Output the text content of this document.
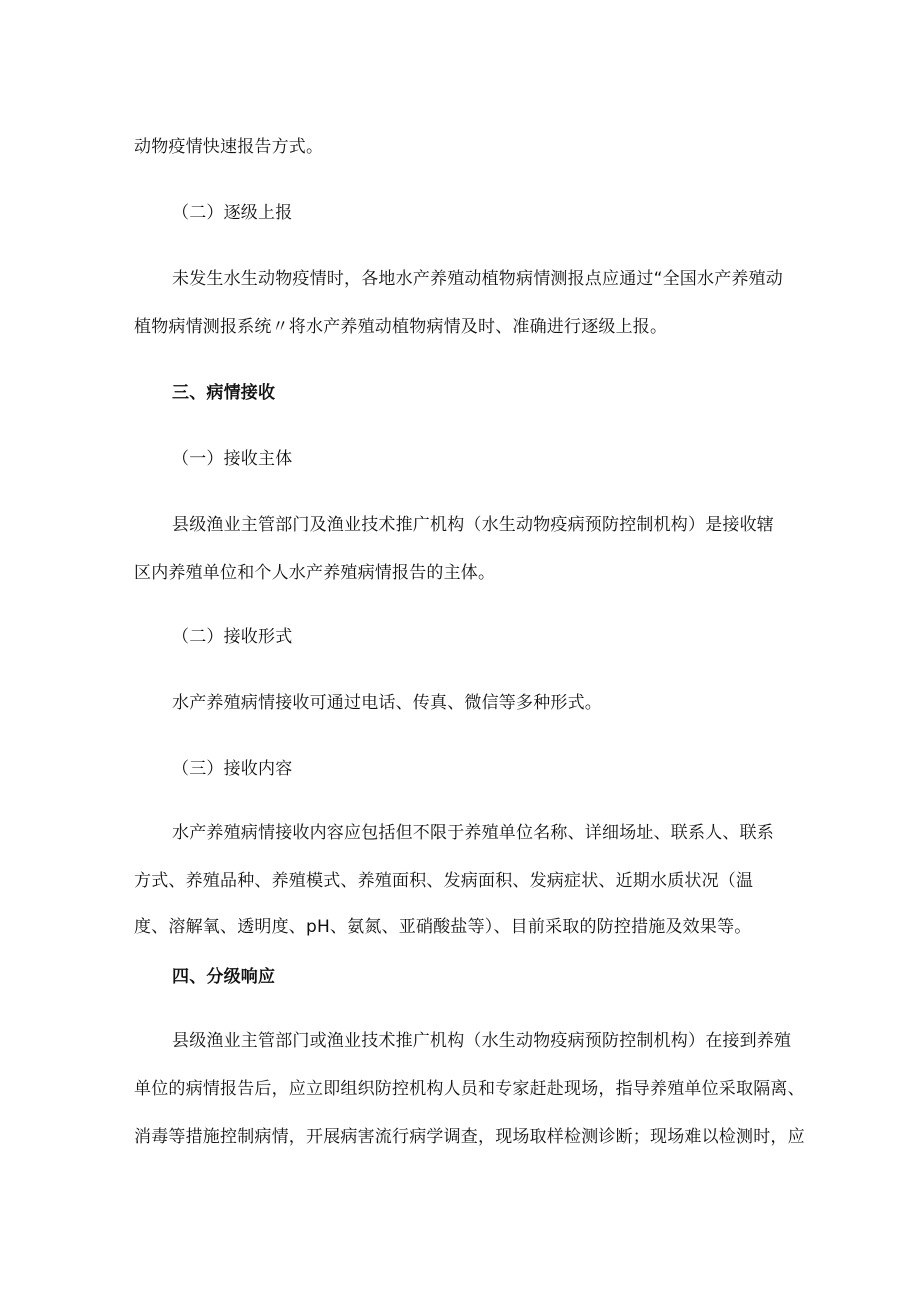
动物疫情快速报告方式。
（二）逐级上报
未发生水生动物疫情时，各地水产养殖动植物病情测报点应通过“全国水产养殖动
植物病情测报系统〃将水产养殖动植物病情及时、准确进行逐级上报。
三、病情接收
（一）接收主体
县级渔业主管部门及渔业技术推广机构（水生动物疫病预防控制机构）是接收辖
区内养殖单位和个人水产养殖病情报告的主体。
（二）接收形式
水产养殖病情接收可通过电话、传真、微信等多种形式。
（三）接收内容
水产养殖病情接收内容应包括但不限于养殖单位名称、详细场址、联系人、联系
方式、养殖品种、养殖模式、养殖面积、发病面积、发病症状、近期水质状况（温
度、溶解氧、透明度、pH、氨氮、亚硝酸盐等）、目前采取的防控措施及效果等。
四、分级响应
县级渔业主管部门或渔业技术推广机构（水生动物疫病预防控制机构）在接到养殖
单位的病情报告后，应立即组织防控机构人员和专家赶赴现场，指导养殖单位采取隔离、
消毒等措施控制病情，开展病害流行病学调查，现场取样检测诊断；现场难以检测时，应
